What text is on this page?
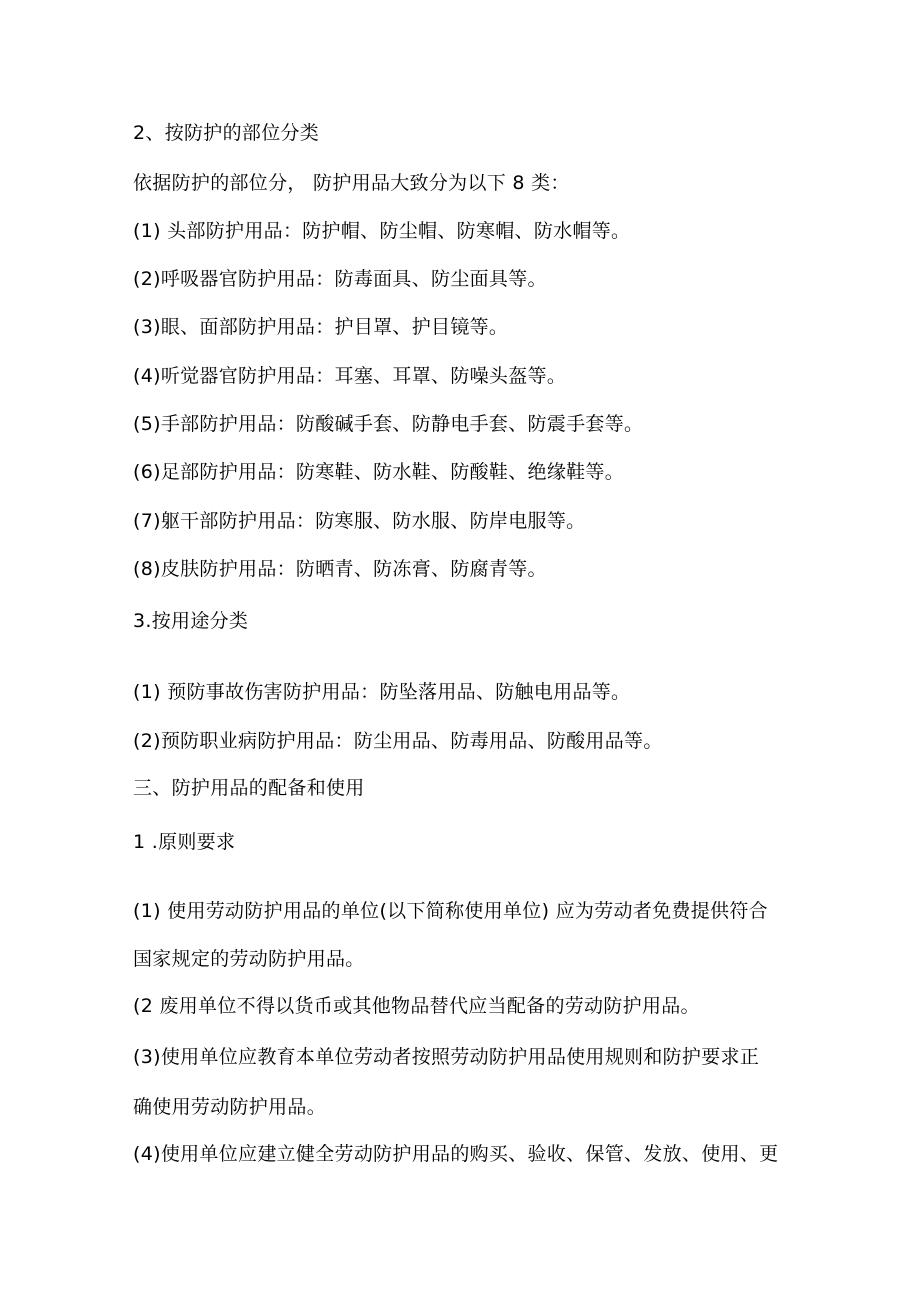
2、按防护的部位分类
依据防护的部位分， 防护用品大致分为以下 8 类：
(1) 头部防护用品：防护帽、防尘帽、防寒帽、防水帽等。
(2)呼吸器官防护用品：防毒面具、防尘面具等。
(3)眼、面部防护用品：护目罩、护目镜等。
(4)听觉器官防护用品：耳塞、耳罩、防噪头盔等。
(5)手部防护用品：防酸碱手套、防静电手套、防震手套等。
(6)足部防护用品：防寒鞋、防水鞋、防酸鞋、绝缘鞋等。
(7)躯干部防护用品：防寒服、防水服、防岸电服等。
(8)皮肤防护用品：防晒青、防冻膏、防腐青等。
3.按用途分类
(1) 预防事故伤害防护用品：防坠落用品、防触电用品等。
(2)预防职业病防护用品：防尘用品、防毒用品、防酸用品等。
三、防护用品的配备和使用
1 .原则要求
(1) 使用劳动防护用品的单位(以下简称使用单位) 应为劳动者免费提供符合
国家规定的劳动防护用品。
(2 废用单位不得以货币或其他物品替代应当配备的劳动防护用品。
(3)使用单位应教育本单位劳动者按照劳动防护用品使用规则和防护要求正
确使用劳动防护用品。
(4)使用单位应建立健全劳动防护用品的购买、验收、保管、发放、使用、更
